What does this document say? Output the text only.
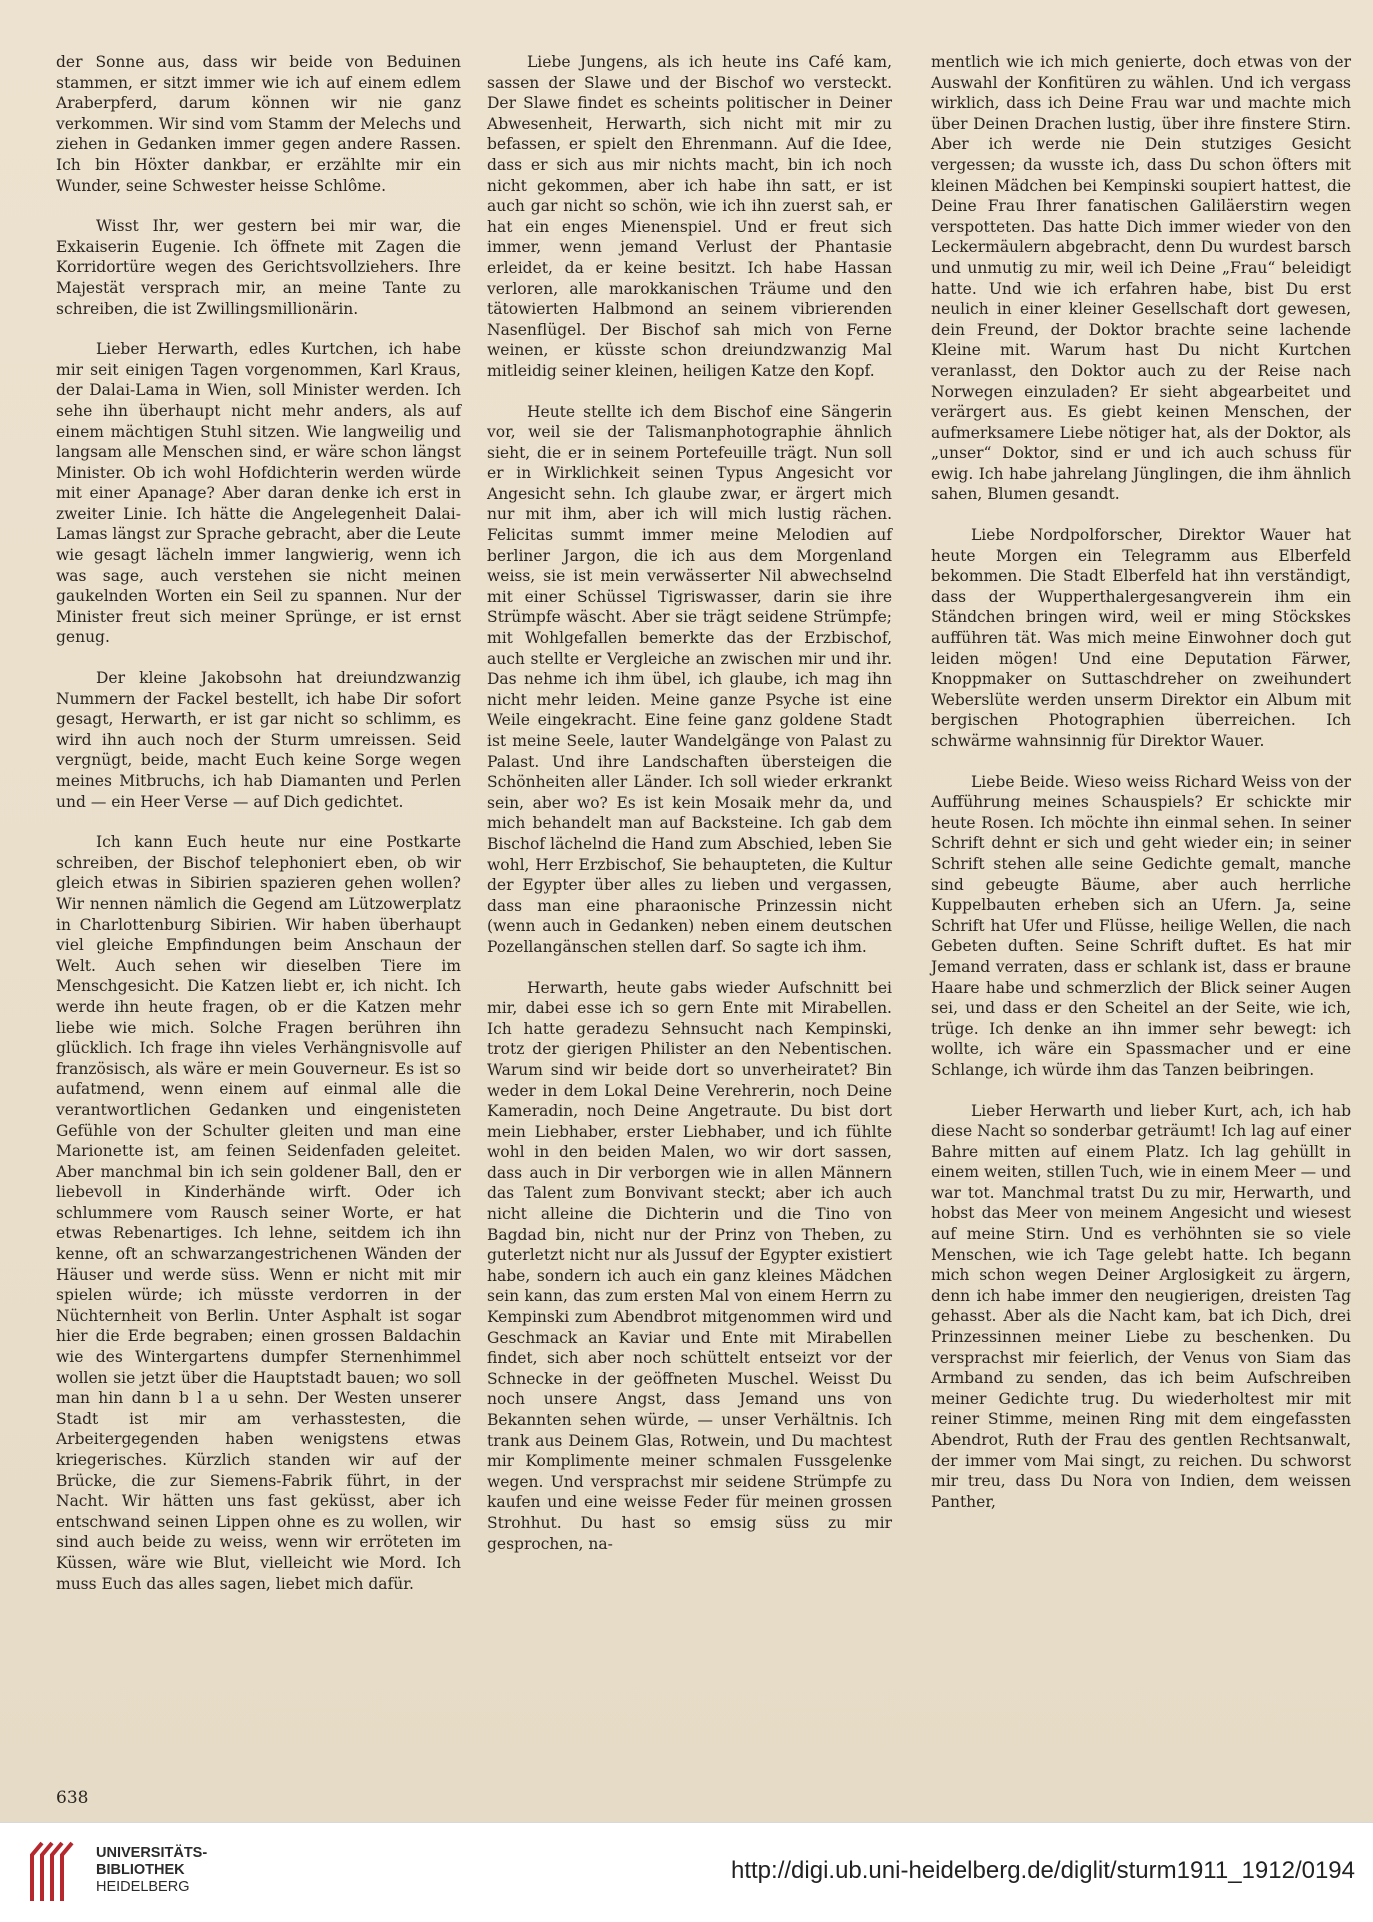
der Sonne aus, dass wir beide von Beduinen stammen, er sitzt immer wie ich auf einem edlem Araberpferd, darum können wir nie ganz verkommen. Wir sind vom Stamm der Melechs und ziehen in Gedanken immer gegen andere Rassen. Ich bin Höxter dankbar, er erzählte mir ein Wunder, seine Schwester heisse Schlôme.

Wisst Ihr, wer gestern bei mir war, die Exkaiserin Eugenie. Ich öffnete mit Zagen die Korridortüre wegen des Gerichtsvollziehers. Ihre Majestät versprach mir, an meine Tante zu schreiben, die ist Zwillingsmillionärin.

Lieber Herwarth, edles Kurtchen, ich habe mir seit einigen Tagen vorgenommen, Karl Kraus, der Dalai-Lama in Wien, soll Minister werden. Ich sehe ihn überhaupt nicht mehr anders, als auf einem mächtigen Stuhl sitzen. Wie langweilig und langsam alle Menschen sind, er wäre schon längst Minister. Ob ich wohl Hofdichterin werden würde mit einer Apanage? Aber daran denke ich erst in zweiter Linie. Ich hätte die Angelegenheit Dalai-Lamas längst zur Sprache gebracht, aber die Leute wie gesagt lächeln immer langwierig, wenn ich was sage, auch verstehen sie nicht meinen gaukelnden Worten ein Seil zu spannen. Nur der Minister freut sich meiner Sprünge, er ist ernst genug.

Der kleine Jakobsohn hat dreiundzwanzig Nummern der Fackel bestellt, ich habe Dir sofort gesagt, Herwarth, er ist gar nicht so schlimm, es wird ihn auch noch der Sturm umreissen. Seid vergnügt, beide, macht Euch keine Sorge wegen meines Mitbruchs, ich hab Diamanten und Perlen und — ein Heer Verse — auf Dich gedichtet.

Ich kann Euch heute nur eine Postkarte schreiben, der Bischof telephoniert eben, ob wir gleich etwas in Sibirien spazieren gehen wollen? Wir nennen nämlich die Gegend am Lützowerplatz in Charlottenburg Sibirien. Wir haben überhaupt viel gleiche Empfindungen beim Anschaun der Welt. Auch sehen wir dieselben Tiere im Menschgesicht. Die Katzen liebt er, ich nicht. Ich werde ihn heute fragen, ob er die Katzen mehr liebe wie mich. Solche Fragen berühren ihn glücklich. Ich frage ihn vieles Verhängnisvolle auf französisch, als wäre er mein Gouverneur. Es ist so aufatmend, wenn einem auf einmal alle die verantwortlichen Gedanken und eingenisteten Gefühle von der Schulter gleiten und man eine Marionette ist, am feinen Seidenfaden geleitet. Aber manchmal bin ich sein goldener Ball, den er liebevoll in Kinderhände wirft. Oder ich schlummere vom Rausch seiner Worte, er hat etwas Rebenartiges. Ich lehne, seitdem ich ihn kenne, oft an schwarzangestrichenen Wänden der Häuser und werde süss. Wenn er nicht mit mir spielen würde; ich müsste verdorren in der Nüchternheit von Berlin. Unter Asphalt ist sogar hier die Erde begraben; einen grossen Baldachin wie des Wintergartens dumpfer Sternenhimmel wollen sie jetzt über die Hauptstadt bauen; wo soll man hin dann b l a u sehn. Der Westen unserer Stadt ist mir am verhasstesten, die Arbeitergegenden haben wenigstens etwas kriegerisches. Kürzlich standen wir auf der Brücke, die zur Siemens-Fabrik führt, in der Nacht. Wir hätten uns fast geküsst, aber ich entschwand seinen Lippen ohne es zu wollen, wir sind auch beide zu weiss, wenn wir erröteten im Küssen, wäre wie Blut, vielleicht wie Mord. Ich muss Euch das alles sagen, liebet mich dafür.

Liebe Jungens, als ich heute ins Café kam, sassen der Slawe und der Bischof wo versteckt. Der Slawe findet es scheints politischer in Deiner Abwesenheit, Herwarth, sich nicht mit mir zu befassen, er spielt den Ehrenmann. Auf die Idee, dass er sich aus mir nichts macht, bin ich noch nicht gekommen, aber ich habe ihn satt, er ist auch gar nicht so schön, wie ich ihn zuerst sah, er hat ein enges Mienenspiel. Und er freut sich immer, wenn jemand Verlust der Phantasie erleidet, da er keine besitzt. Ich habe Hassan verloren, alle marokkanischen Träume und den tätowierten Halbmond an seinem vibrierenden Nasenflügel. Der Bischof sah mich von Ferne weinen, er küsste schon dreiundzwanzig Mal mitleidig seiner kleinen, heiligen Katze den Kopf.

Heute stellte ich dem Bischof eine Sängerin vor, weil sie der Talismanphotographie ähnlich sieht, die er in seinem Portefeuille trägt. Nun soll er in Wirklichkeit seinen Typus Angesicht vor Angesicht sehn. Ich glaube zwar, er ärgert mich nur mit ihm, aber ich will mich lustig rächen. Felicitas summt immer meine Melodien auf berliner Jargon, die ich aus dem Morgenland weiss, sie ist mein verwässerter Nil abwechselnd mit einer Schüssel Tigriswasser, darin sie ihre Strümpfe wäscht. Aber sie trägt seidene Strümpfe; mit Wohlgefallen bemerkte das der Erzbischof, auch stellte er Vergleiche an zwischen mir und ihr. Das nehme ich ihm übel, ich glaube, ich mag ihn nicht mehr leiden. Meine ganze Psyche ist eine Weile eingekracht. Eine feine ganz goldene Stadt ist meine Seele, lauter Wandelgänge von Palast zu Palast. Und ihre Landschaften übersteigen die Schönheiten aller Länder. Ich soll wieder erkrankt sein, aber wo? Es ist kein Mosaik mehr da, und mich behandelt man auf Backsteine. Ich gab dem Bischof lächelnd die Hand zum Abschied, leben Sie wohl, Herr Erzbischof, Sie behaupteten, die Kultur der Egypter über alles zu lieben und vergassen, dass man eine pharaonische Prinzessin nicht (wenn auch in Gedanken) neben einem deutschen Pozellangänschen stellen darf. So sagte ich ihm.

Herwarth, heute gabs wieder Aufschnitt bei mir, dabei esse ich so gern Ente mit Mirabellen. Ich hatte geradezu Sehnsucht nach Kempinski, trotz der gierigen Philister an den Nebentischen. Warum sind wir beide dort so unverheiratet? Bin weder in dem Lokal Deine Verehrerin, noch Deine Kameradin, noch Deine Angetraute. Du bist dort mein Liebhaber, erster Liebhaber, und ich fühlte wohl in den beiden Malen, wo wir dort sassen, dass auch in Dir verborgen wie in allen Männern das Talent zum Bonvivant steckt; aber ich auch nicht alleine die Dichterin und die Tino von Bagdad bin, nicht nur der Prinz von Theben, zu guterletzt nicht nur als Jussuf der Egypter existiert habe, sondern ich auch ein ganz kleines Mädchen sein kann, das zum ersten Mal von einem Herrn zu Kempinski zum Abendbrot mitgenommen wird und Geschmack an Kaviar und Ente mit Mirabellen findet, sich aber noch schüttelt entseizt vor der Schnecke in der geöffneten Muschel. Weisst Du noch unsere Angst, dass Jemand uns von Bekannten sehen würde, — unser Verhältnis. Ich trank aus Deinem Glas, Rotwein, und Du machtest mir Komplimente meiner schmalen Fussgelenke wegen. Und versprachst mir seidene Strümpfe zu kaufen und eine weisse Feder für meinen grossen Strohhut. Du hast so emsig süss zu mir gesprochen, na-

mentlich wie ich mich genierte, doch etwas von der Auswahl der Konfitüren zu wählen. Und ich vergass wirklich, dass ich Deine Frau war und machte mich über Deinen Drachen lustig, über ihre finstere Stirn. Aber ich werde nie Dein stutziges Gesicht vergessen; da wusste ich, dass Du schon öfters mit kleinen Mädchen bei Kempinski soupiert hattest, die Deine Frau Ihrer fanatischen Galiläerstirn wegen verspotteten. Das hatte Dich immer wieder von den Leckermäulern abgebracht, denn Du wurdest barsch und unmutig zu mir, weil ich Deine „Frau“ beleidigt hatte. Und wie ich erfahren habe, bist Du erst neulich in einer kleiner Gesellschaft dort gewesen, dein Freund, der Doktor brachte seine lachende Kleine mit. Warum hast Du nicht Kurtchen veranlasst, den Doktor auch zu der Reise nach Norwegen einzuladen? Er sieht abgearbeitet und verärgert aus. Es giebt keinen Menschen, der aufmerksamere Liebe nötiger hat, als der Doktor, als „unser“ Doktor, sind er und ich auch schuss für ewig. Ich habe jahrelang Jünglingen, die ihm ähnlich sahen, Blumen gesandt.

Liebe Nordpolforscher, Direktor Wauer hat heute Morgen ein Telegramm aus Elberfeld bekommen. Die Stadt Elberfeld hat ihn verständigt, dass der Wupperthalergesangverein ihm ein Ständchen bringen wird, weil er ming Stöckskes aufführen tät. Was mich meine Einwohner doch gut leiden mögen! Und eine Deputation Färwer, Knoppmaker on Suttaschdreher on zweihundert Weberslüte werden unserm Direktor ein Album mit bergischen Photographien überreichen. Ich schwärme wahnsinnig für Direktor Wauer.

Liebe Beide. Wieso weiss Richard Weiss von der Aufführung meines Schauspiels? Er schickte mir heute Rosen. Ich möchte ihn einmal sehen. In seiner Schrift dehnt er sich und geht wieder ein; in seiner Schrift stehen alle seine Gedichte gemalt, manche sind gebeugte Bäume, aber auch herrliche Kuppelbauten erheben sich an Ufern. Ja, seine Schrift hat Ufer und Flüsse, heilige Wellen, die nach Gebeten duften. Seine Schrift duftet. Es hat mir Jemand verraten, dass er schlank ist, dass er braune Haare habe und schmerzlich der Blick seiner Augen sei, und dass er den Scheitel an der Seite, wie ich, trüge. Ich denke an ihn immer sehr bewegt: ich wollte, ich wäre ein Spassmacher und er eine Schlange, ich würde ihm das Tanzen beibringen.

Lieber Herwarth und lieber Kurt, ach, ich hab diese Nacht so sonderbar geträumt! Ich lag auf einer Bahre mitten auf einem Platz. Ich lag gehüllt in einem weiten, stillen Tuch, wie in einem Meer — und war tot. Manchmal tratst Du zu mir, Herwarth, und hobst das Meer von meinem Angesicht und wiesest auf meine Stirn. Und es verhöhnten sie so viele Menschen, wie ich Tage gelebt hatte. Ich begann mich schon wegen Deiner Arglosigkeit zu ärgern, denn ich habe immer den neugierigen, dreisten Tag gehasst. Aber als die Nacht kam, bat ich Dich, drei Prinzessinnen meiner Liebe zu beschenken. Du versprachst mir feierlich, der Venus von Siam das Armband zu senden, das ich beim Aufschreiben meiner Gedichte trug. Du wiederholtest mir mit reiner Stimme, meinen Ring mit dem eingefassten Abendrot, Ruth der Frau des gentlen Rechtsanwalt, der immer vom Mai singt, zu reichen. Du schworst mir treu, dass Du Nora von Indien, dem weissen Panther,

638
UNIVERSITÄTS-
BIBLIOTHEK
HEIDELBERG
http://digi.ub.uni-heidelberg.de/diglit/sturm1911_1912/0194
